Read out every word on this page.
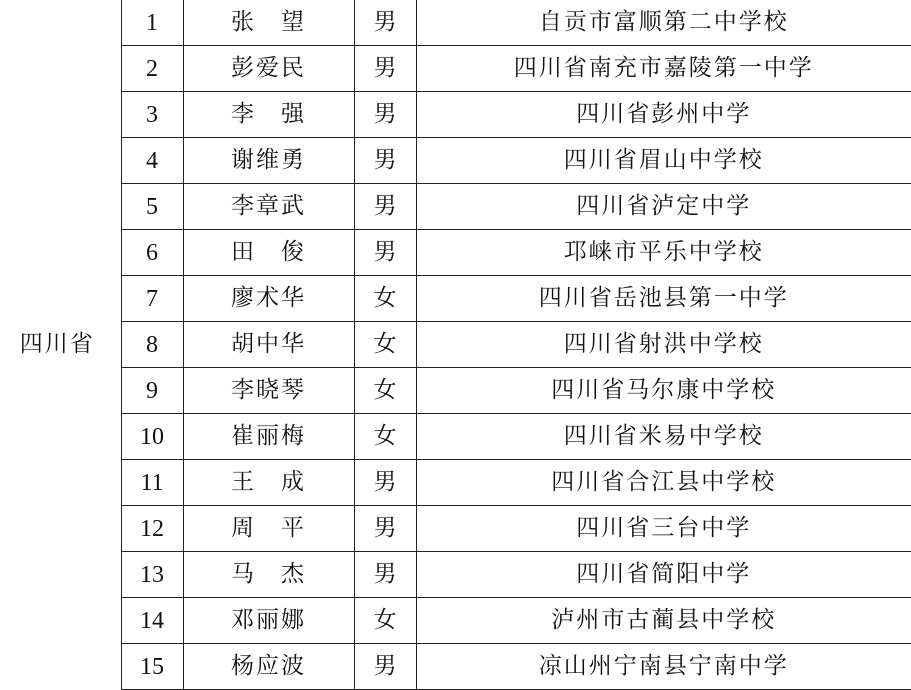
四川省	1	张　望	男	自贡市富顺第二中学校
	2	彭爱民	男	四川省南充市嘉陵第一中学
	3	李　强	男	四川省彭州中学
	4	谢维勇	男	四川省眉山中学校
	5	李章武	男	四川省泸定中学
	6	田　俊	男	邛崃市平乐中学校
	7	廖术华	女	四川省岳池县第一中学
	8	胡中华	女	四川省射洪中学校
	9	李晓琴	女	四川省马尔康中学校
	10	崔丽梅	女	四川省米易中学校
	11	王　成	男	四川省合江县中学校
	12	周　平	男	四川省三台中学
	13	马　杰	男	四川省简阳中学
	14	邓丽娜	女	泸州市古蔺县中学校
	15	杨应波	男	凉山州宁南县宁南中学
